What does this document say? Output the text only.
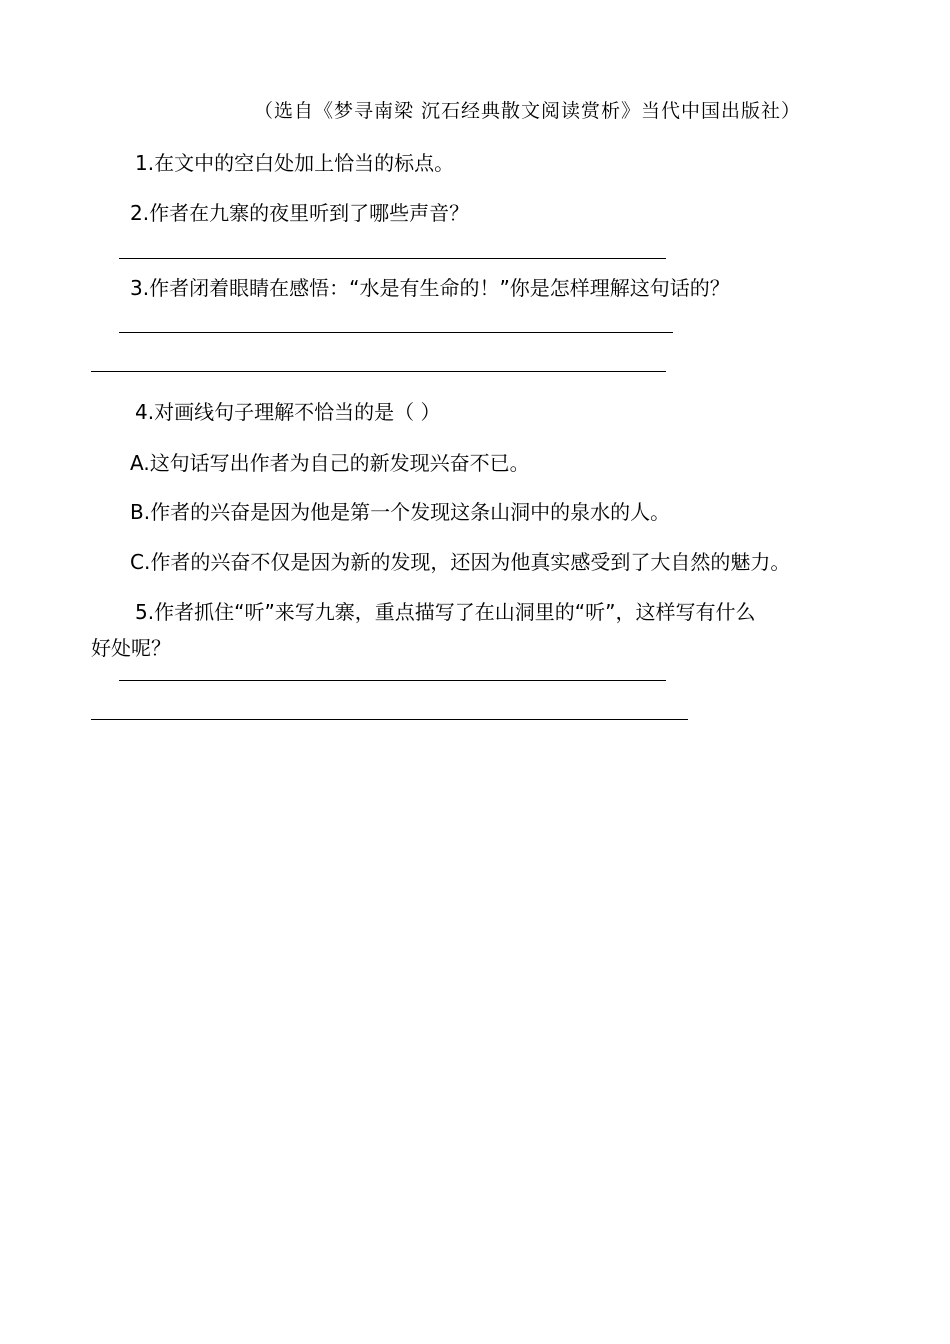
（选自《梦寻南梁 沉石经典散文阅读赏析》当代中国出版社）
1.在文中的空白处加上恰当的标点。
2.作者在九寨的夜里听到了哪些声音？
3.作者闭着眼睛在感悟：“水是有生命的！”你是怎样理解这句话的？
4.对画线句子理解不恰当的是（ ）
A.这句话写出作者为自己的新发现兴奋不已。
B.作者的兴奋是因为他是第一个发现这条山洞中的泉水的人。
C.作者的兴奋不仅是因为新的发现，还因为他真实感受到了大自然的魅力。
5.作者抓住“听”来写九寨，重点描写了在山洞里的“听”，这样写有什么
好处呢？
